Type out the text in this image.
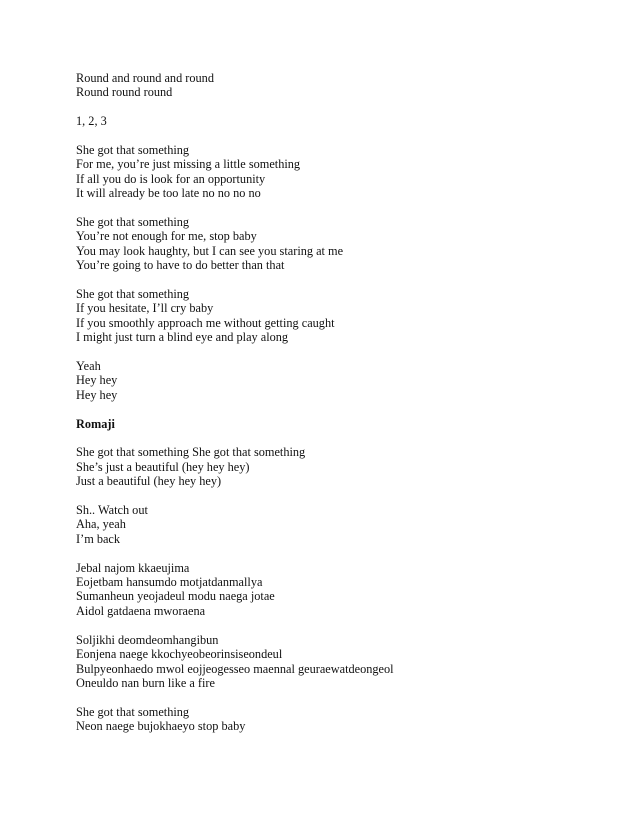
Round and round and round
Round round round
1, 2, 3
She got that something
For me, you’re just missing a little something
If all you do is look for an opportunity
It will already be too late no no no no
She got that something
You’re not enough for me, stop baby
You may look haughty, but I can see you staring at me
You’re going to have to do better than that
She got that something
If you hesitate, I’ll cry baby
If you smoothly approach me without getting caught
I might just turn a blind eye and play along
Yeah
Hey hey
Hey hey
Romaji
She got that something She got that something
She’s just a beautiful (hey hey hey)
Just a beautiful (hey hey hey)
Sh.. Watch out
Aha, yeah
I’m back
Jebal najom kkaeujima
Eojetbam hansumdo motjatdanmallya
Sumanheun yeojadeul modu naega jotae
Aidol gatdaena mworaena
Soljikhi deomdeomhangibun
Eonjena naege kkochyeobeorinsiseondeul
Bulpyeonhaedo mwol eojjeogesseo maennal geuraewatdeongeol
Oneuldo nan burn like a fire
She got that something
Neon naege bujokhaeyo stop baby
